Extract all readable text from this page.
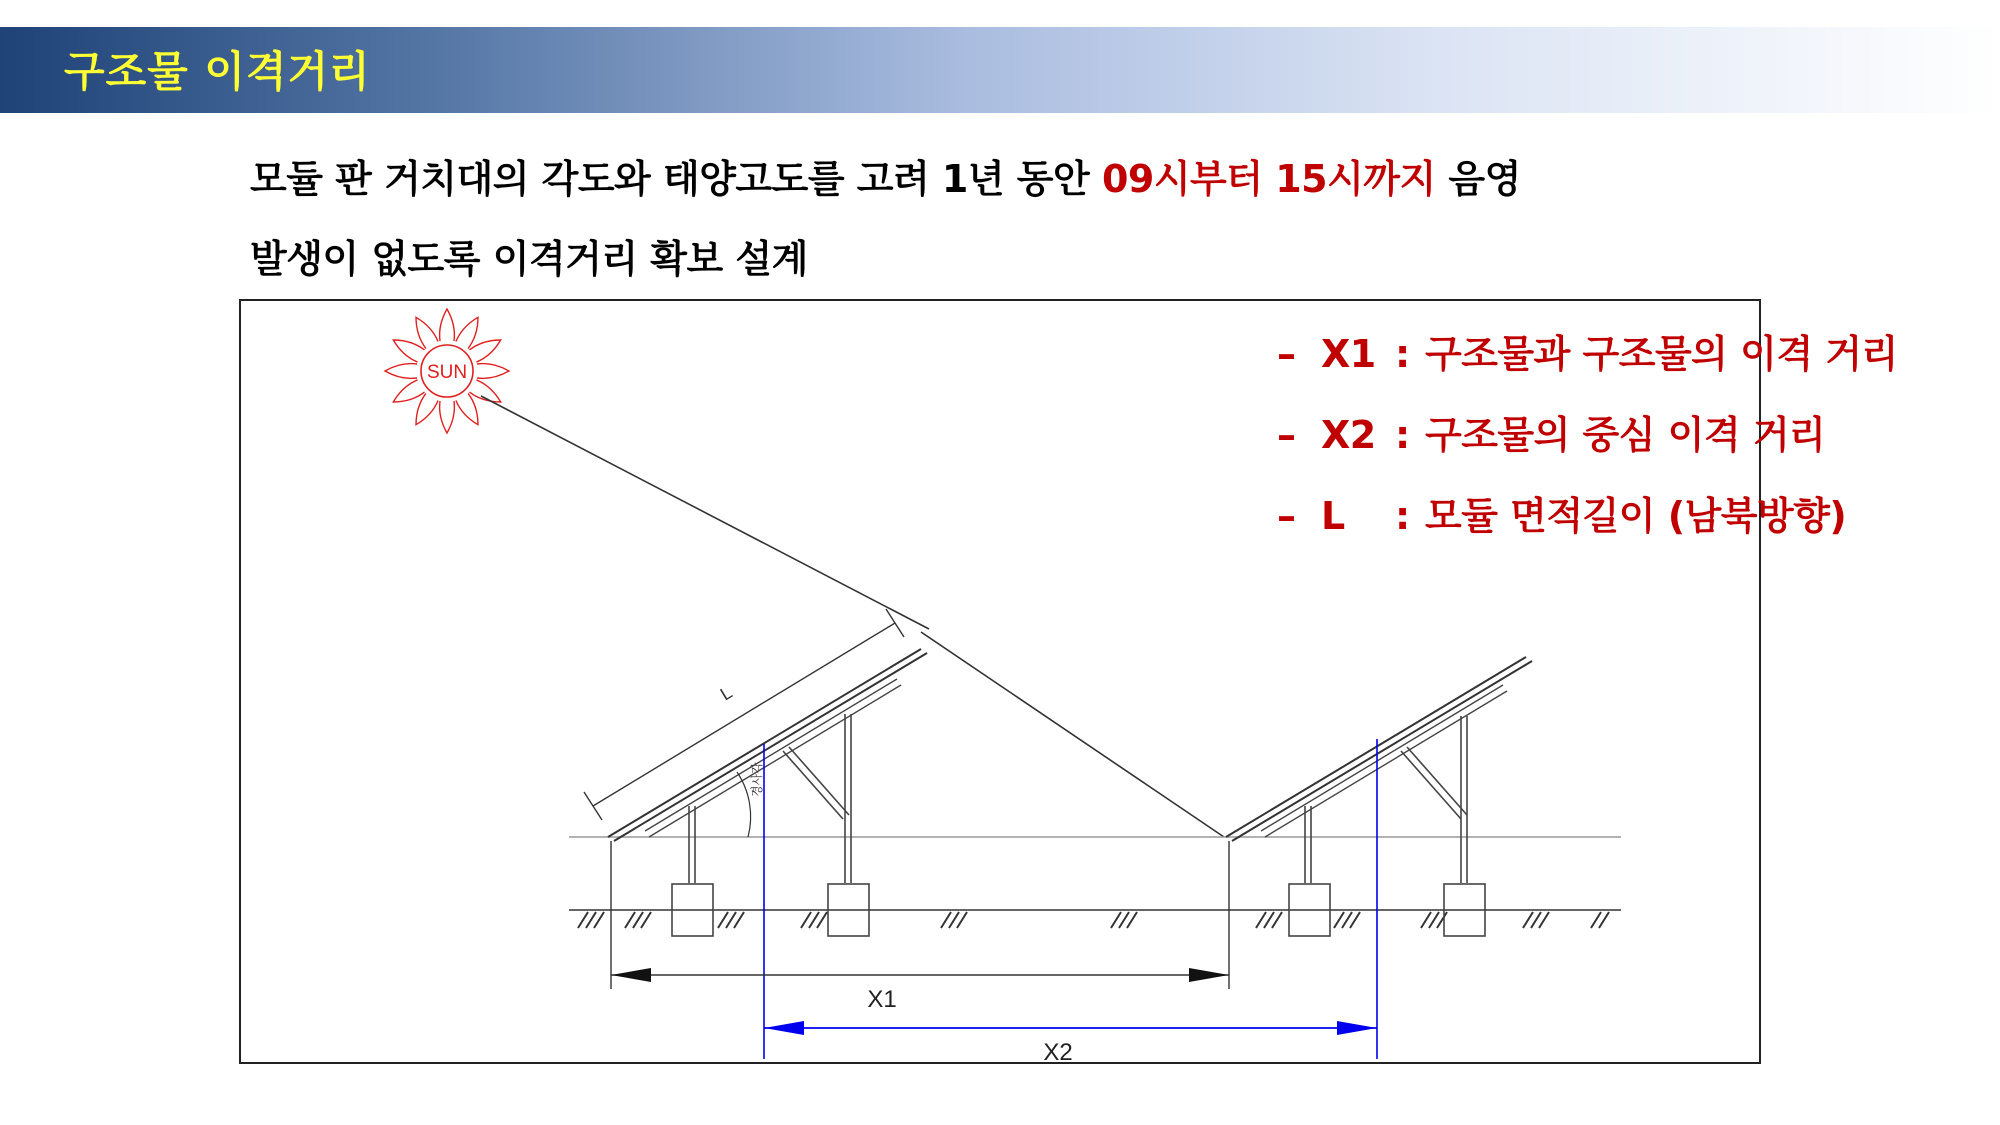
구조물 이격거리
모듈 판 거치대의 각도와 태양고도를 고려 1년 동안 09시부터 15시까지 음영
발생이 없도록 이격거리 확보 설계
SUN
L
경사각
X1
X2
– X1 : 구조물과 구조물의 이격 거리
– X2 : 구조물의 중심 이격 거리
– L : 모듈 면적길이 (남북방향)
